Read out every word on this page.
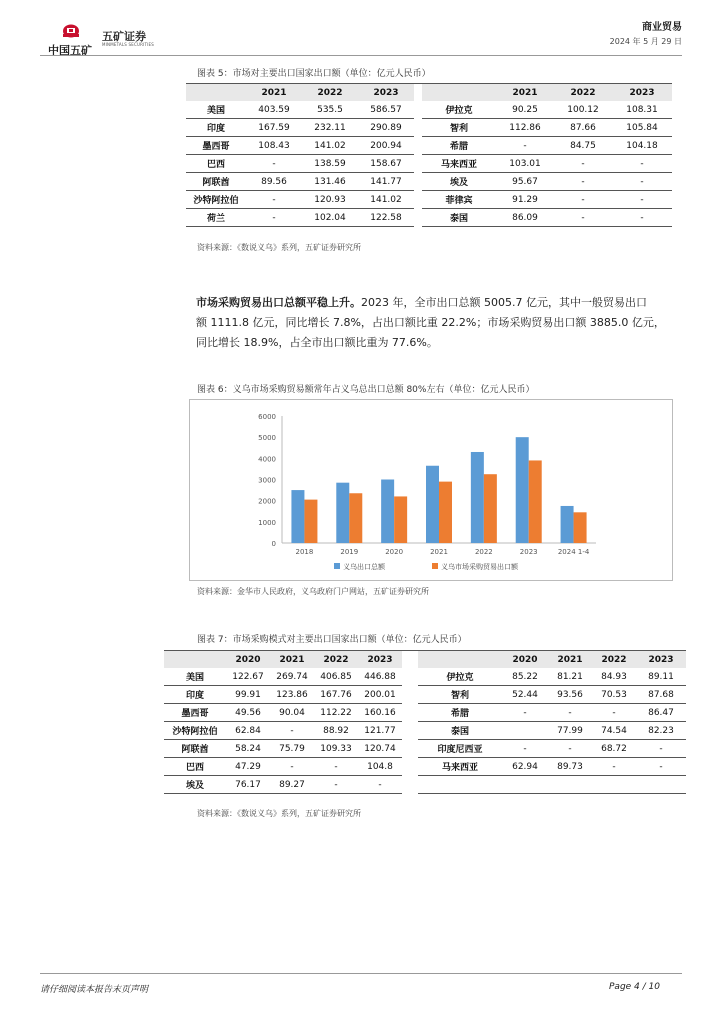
中国五矿
五矿证券
MINMETALS SECURITIES
商业贸易
2024 年 5 月 29 日
图表 5：市场对主要出口国家出口额（单位：亿元人民币）
	2021	2022	2023			2021	2022	2023
美国	403.59	535.5	586.57		伊拉克	90.25	100.12	108.31
印度	167.59	232.11	290.89		智利	112.86	87.66	105.84
墨西哥	108.43	141.02	200.94		希腊	-	84.75	104.18
巴西	-	138.59	158.67		马来西亚	103.01	-	-
阿联酋	89.56	131.46	141.77		埃及	95.67	-	-
沙特阿拉伯	-	120.93	141.02		菲律宾	91.29	-	-
荷兰	-	102.04	122.58		泰国	86.09	-	-
资料来源：《数说义乌》系列，五矿证券研究所
市场采购贸易出口总额平稳上升。2023 年，全市出口总额 5005.7 亿元，其中一般贸易出口
额 1111.8 亿元，同比增长 7.8%，占出口额比重 22.2%；市场采购贸易出口额 3885.0 亿元，
同比增长 18.9%，占全市出口额比重为 77.6%。
图表 6：义乌市场采购贸易额常年占义乌总出口总额 80%左右（单位：亿元人民币）
0
1000
2000
3000
4000
5000
6000
2018	2019	2020	2021	2022	2023	2024 1-4
义乌出口总额	义乌市场采购贸易出口额
资料来源：金华市人民政府，义乌政府门户网站，五矿证券研究所
图表 7：市场采购模式对主要出口国家出口额（单位：亿元人民币）
	2020	2021	2022	2023			2020	2021	2022	2023
美国	122.67	269.74	406.85	446.88		伊拉克	85.22	81.21	84.93	89.11
印度	99.91	123.86	167.76	200.01		智利	52.44	93.56	70.53	87.68
墨西哥	49.56	90.04	112.22	160.16		希腊	-	-	-	86.47
沙特阿拉伯	62.84	-	88.92	121.77		泰国		77.99	74.54	82.23
阿联酋	58.24	75.79	109.33	120.74		印度尼西亚	-	-	68.72	-
巴西	47.29	-	-	104.8		马来西亚	62.94	89.73	-	-
埃及	76.17	89.27	-	-						
资料来源：《数说义乌》系列，五矿证券研究所
请仔细阅读本报告末页声明	Page 4 / 10
